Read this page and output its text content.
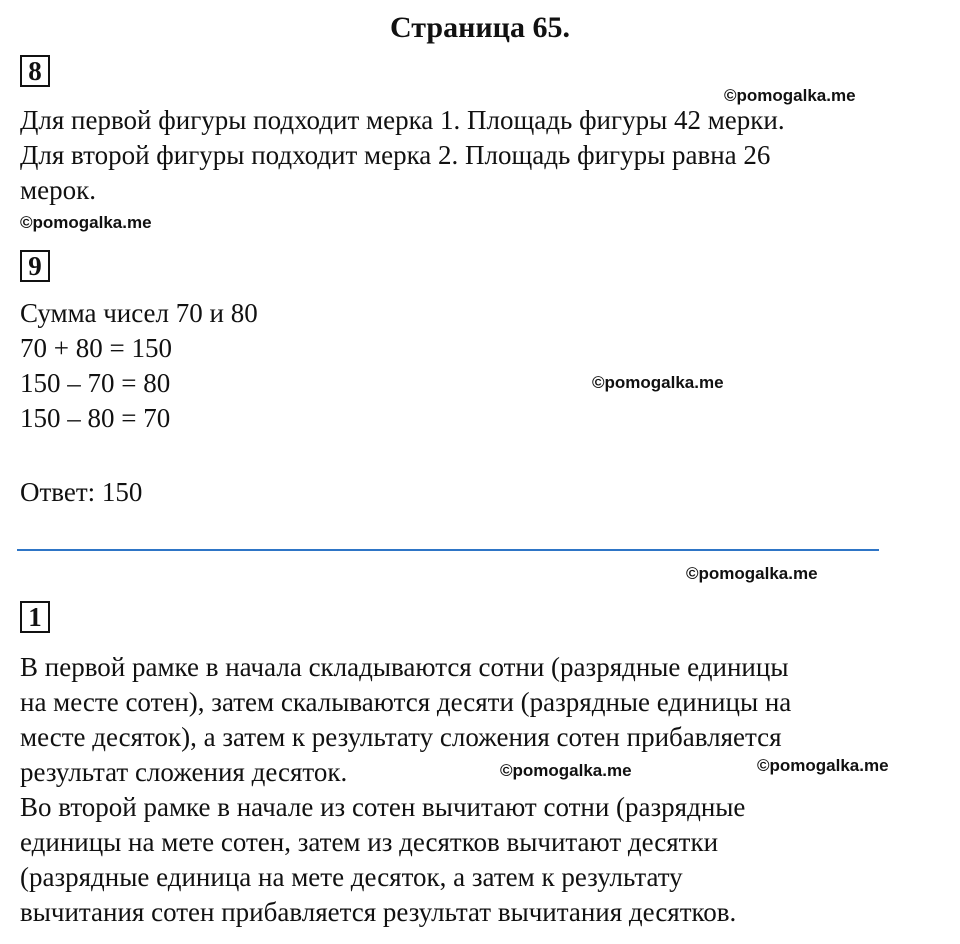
Страница 65.
8
©pomogalka.me
Для первой фигуры подходит мерка 1. Площадь фигуры 42 мерки.
Для второй фигуры подходит мерка 2. Площадь фигуры равна 26
мерок.
©pomogalka.me
9
Сумма чисел 70 и 80
70 + 80 = 150
150 – 70 = 80
150 – 80 = 70
©pomogalka.me
Ответ: 150
©pomogalka.me
1
В первой рамке в начала складываются сотни (разрядные единицы
на месте сотен), затем скалываются десяти (разрядные единицы на
месте десяток), а затем к результату сложения сотен прибавляется
результат сложения десяток.
Во второй рамке в начале из сотен вычитают сотни (разрядные
единицы на мете сотен, затем из десятков вычитают десятки
(разрядные единица на мете десяток, а затем к результату
вычитания сотен прибавляется результат вычитания десятков.
©pomogalka.me	©pomogalka.me
